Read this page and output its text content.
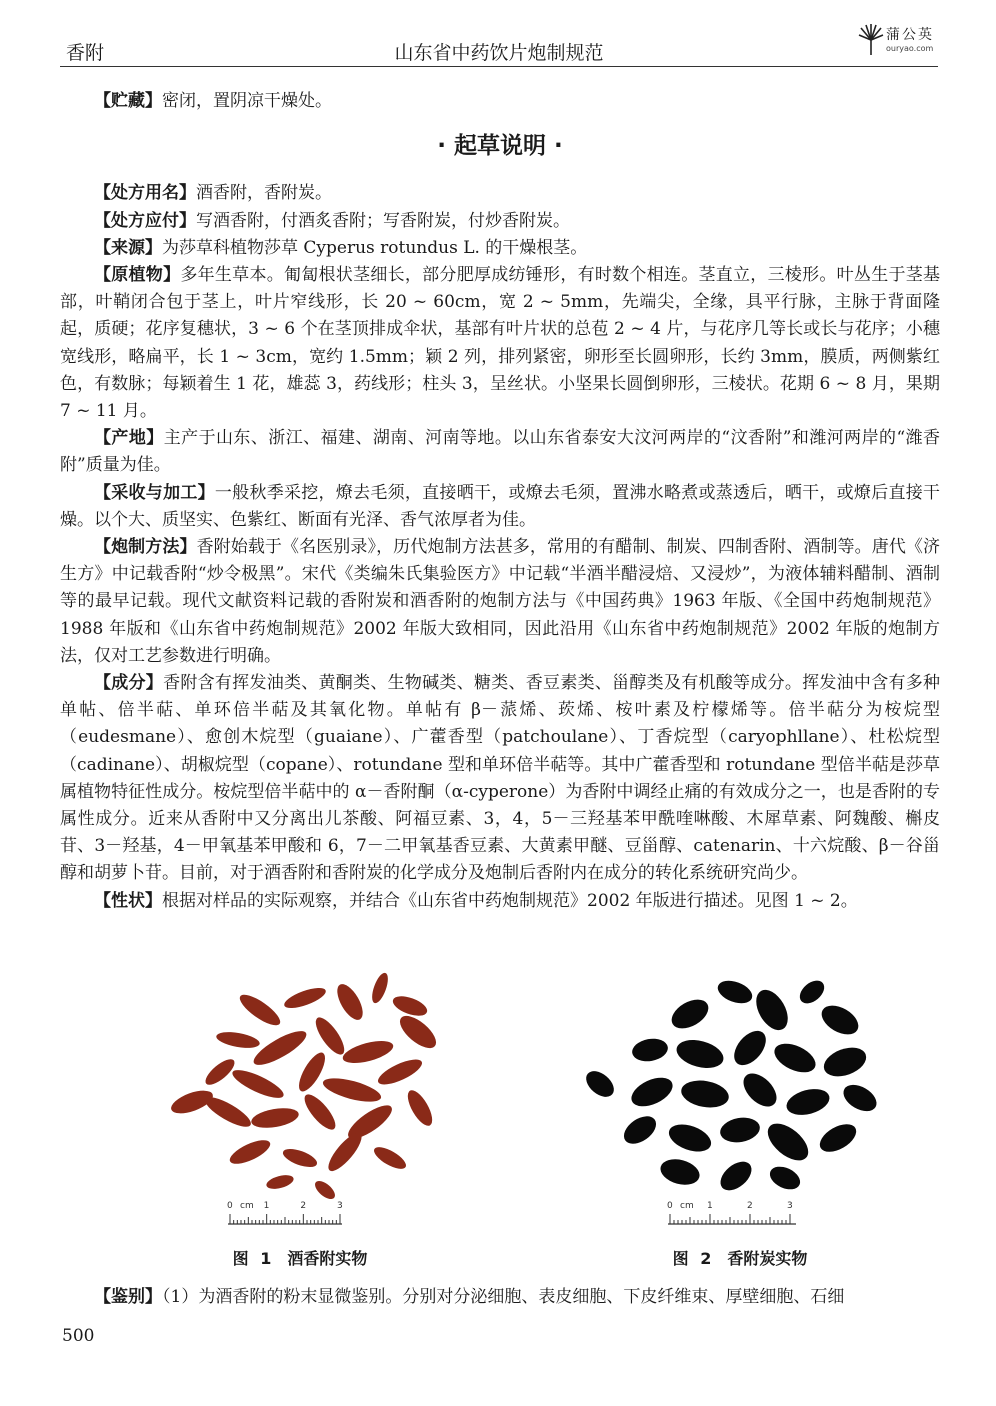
香附	山东省中药饮片炮制规范
蒲公英
ouryao.com

【贮藏】密闭，置阴凉干燥处。

· 起草说明 ·

【处方用名】酒香附，香附炭。

【处方应付】写酒香附，付酒炙香附；写香附炭，付炒香附炭。

【来源】为莎草科植物莎草 Cyperus rotundus L. 的干燥根茎。

【原植物】多年生草本。匍匐根状茎细长，部分肥厚成纺锤形，有时数个相连。茎直立，三棱形。叶丛生于茎基部，叶鞘闭合包于茎上，叶片窄线形，长 20 ~ 60cm，宽 2 ~ 5mm，先端尖，全缘，具平行脉，主脉于背面隆起，质硬；花序复穗状，3 ~ 6 个在茎顶排成伞状，基部有叶片状的总苞 2 ~ 4 片，与花序几等长或长与花序；小穗宽线形，略扁平，长 1 ~ 3cm，宽约 1.5mm；颖 2 列，排列紧密，卵形至长圆卵形，长约 3mm，膜质，两侧紫红色，有数脉；每颖着生 1 花，雄蕊 3，药线形；柱头 3，呈丝状。小坚果长圆倒卵形，三棱状。花期 6 ~ 8 月，果期 7 ~ 11 月。

【产地】主产于山东、浙江、福建、湖南、河南等地。以山东省泰安大汶河两岸的“汶香附”和潍河两岸的“潍香附”质量为佳。

【采收与加工】一般秋季采挖，燎去毛须，直接晒干，或燎去毛须，置沸水略煮或蒸透后，晒干，或燎后直接干燥。以个大、质坚实、色紫红、断面有光泽、香气浓厚者为佳。

【炮制方法】香附始载于《名医别录》，历代炮制方法甚多，常用的有醋制、制炭、四制香附、酒制等。唐代《济生方》中记载香附“炒令极黑”。宋代《类编朱氏集验医方》中记载“半酒半醋浸焙、又浸炒”，为液体辅料醋制、酒制等的最早记载。现代文献资料记载的香附炭和酒香附的炮制方法与《中国药典》1963 年版、《全国中药炮制规范》1988 年版和《山东省中药炮制规范》2002 年版大致相同，因此沿用《山东省中药炮制规范》2002 年版的炮制方法，仅对工艺参数进行明确。

【成分】香附含有挥发油类、黄酮类、生物碱类、糖类、香豆素类、甾醇类及有机酸等成分。挥发油中含有多种单帖、倍半萜、单环倍半萜及其氧化物。单帖有 β－蒎烯、莰烯、桉叶素及柠檬烯等。倍半萜分为桉烷型（eudesmane）、愈创木烷型（guaiane）、广藿香型（patchoulane）、丁香烷型（caryophllane）、杜松烷型（cadinane）、胡椒烷型（copane）、rotundane 型和单环倍半萜等。其中广藿香型和 rotundane 型倍半萜是莎草属植物特征性成分。桉烷型倍半萜中的 α－香附酮（α-cyperone）为香附中调经止痛的有效成分之一，也是香附的专属性成分。近来从香附中又分离出儿茶酸、阿福豆素、3，4，5－三羟基苯甲酰喹啉酸、木犀草素、阿魏酸、槲皮苷、3－羟基，4－甲氧基苯甲酸和 6，7－二甲氧基香豆素、大黄素甲醚、豆甾醇、catenarin、十六烷酸、β－谷甾醇和胡萝卜苷。目前，对于酒香附和香附炭的化学成分及炮制后香附内在成分的转化系统研究尚少。

【性状】根据对样品的实际观察，并结合《山东省中药炮制规范》2002 年版进行描述。见图 1 ~ 2。

0	1	2	3cm
图 1　酒香附实物
0	1	2	3cm
图 2　香附炭实物
【鉴别】（1）为酒香附的粉末显微鉴别。分别对分泌细胞、表皮细胞、下皮纤维束、厚壁细胞、石细
500
